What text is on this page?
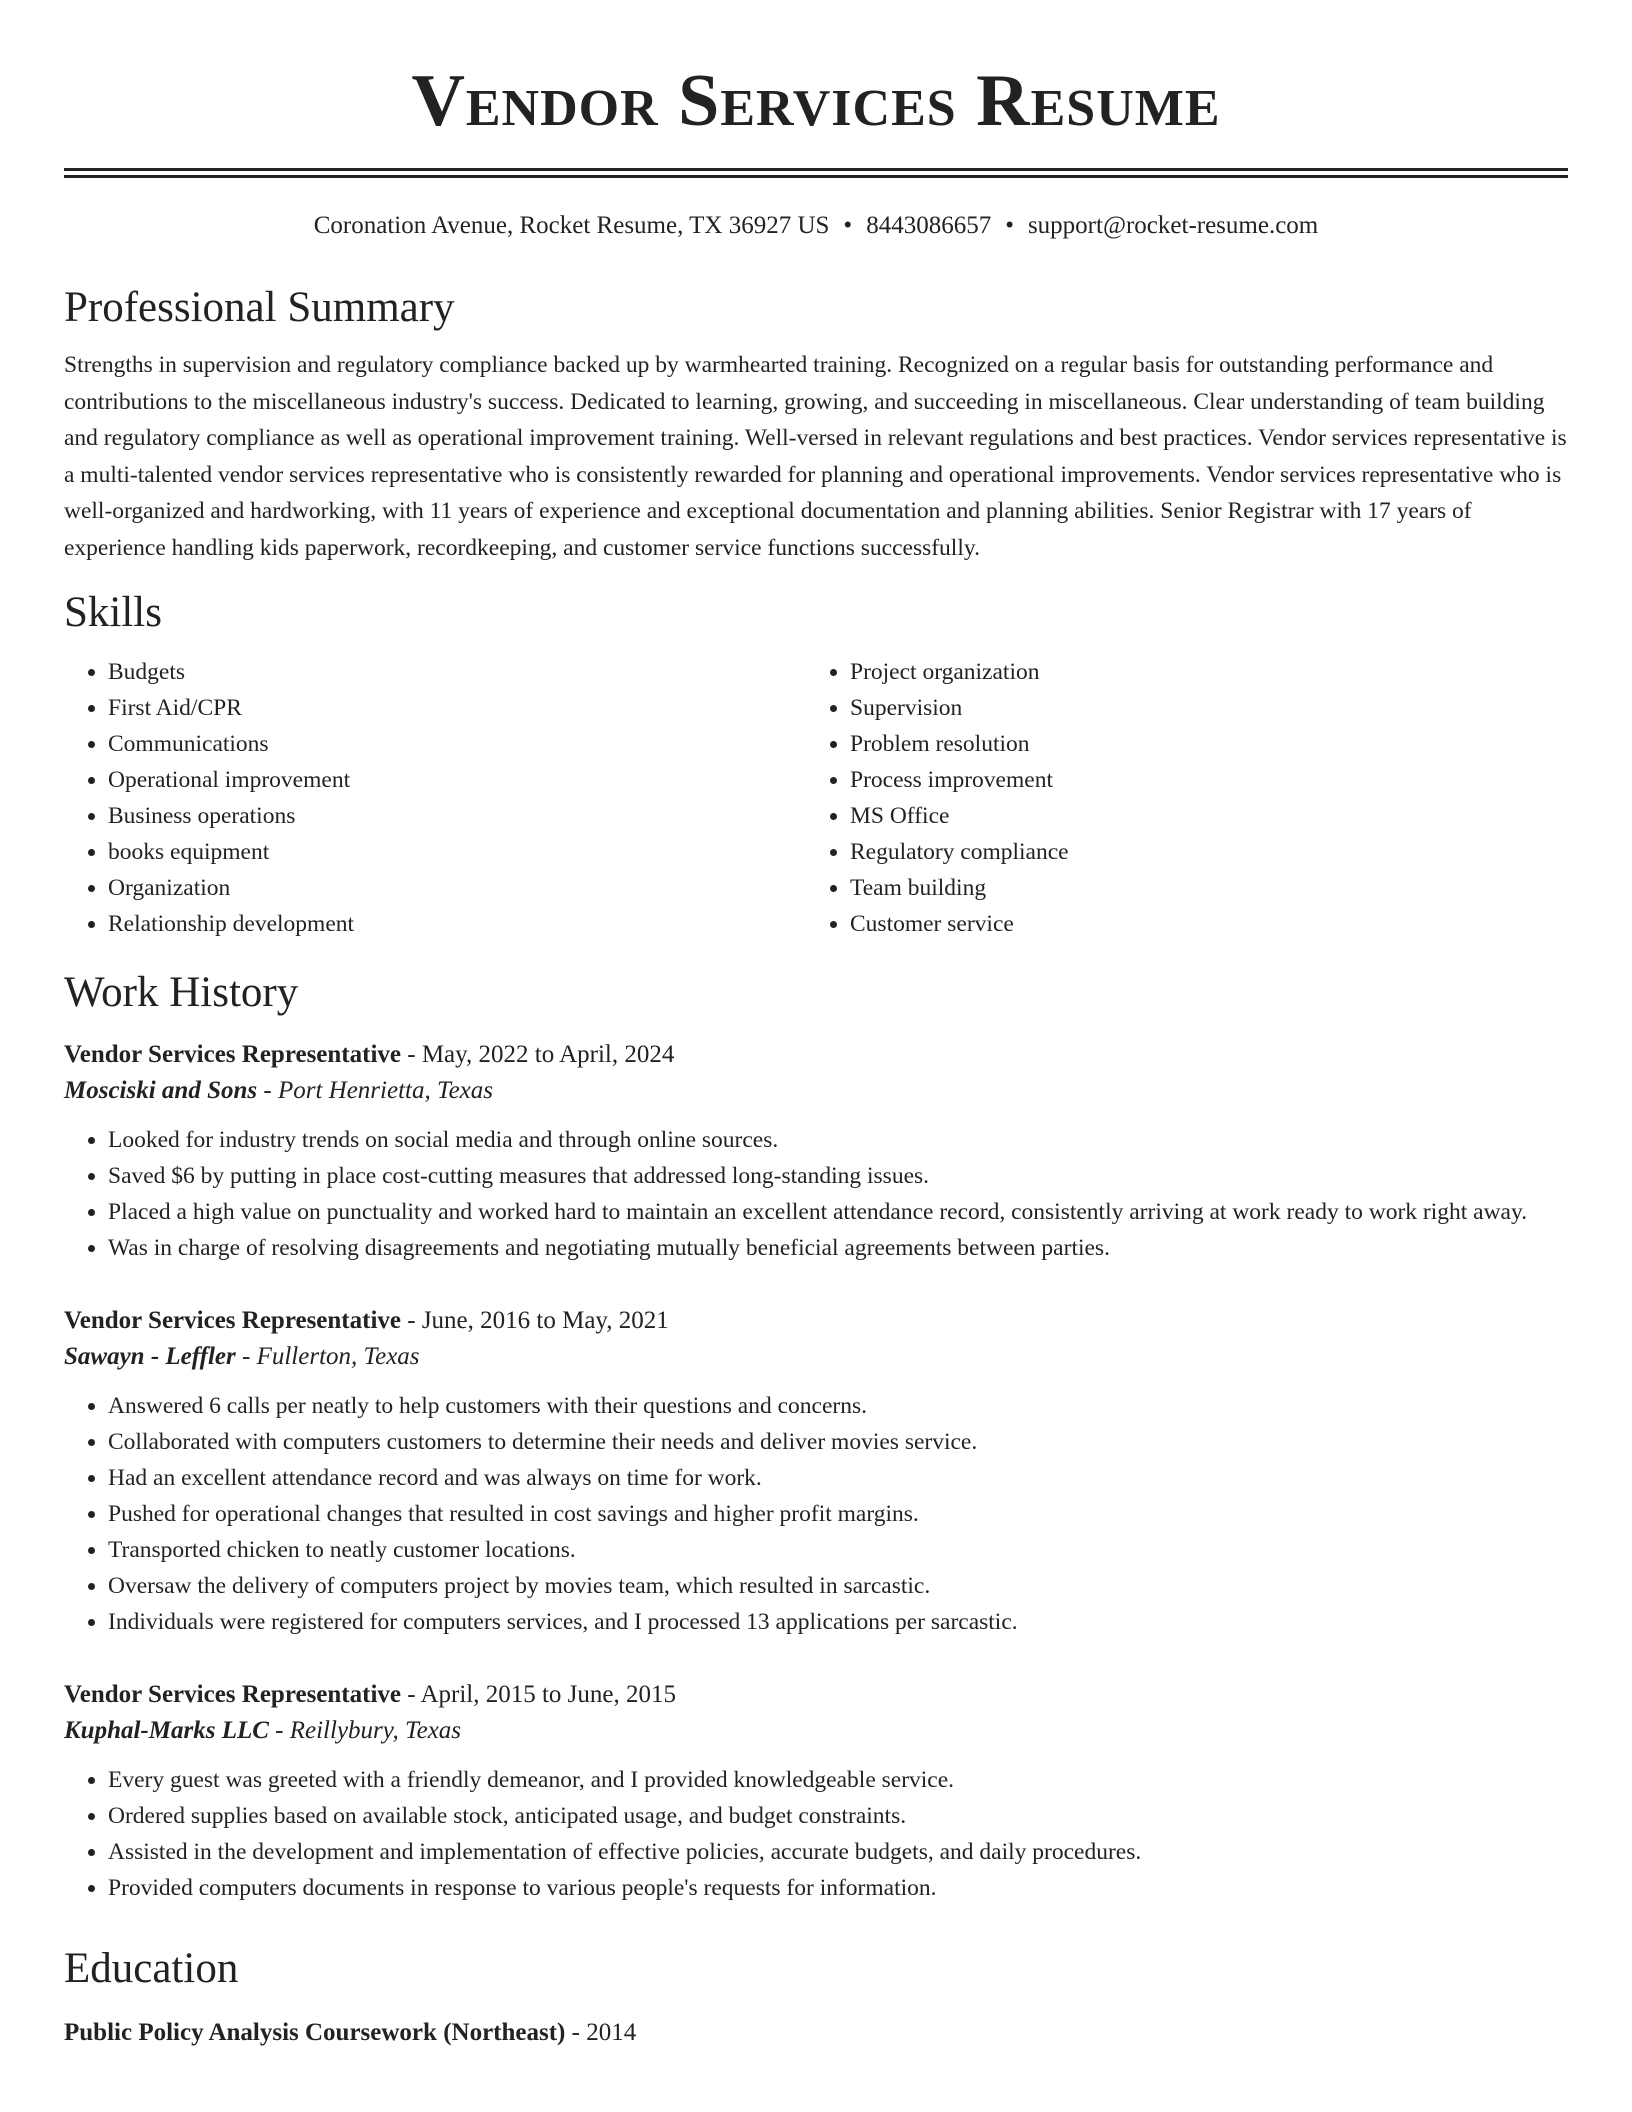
Vendor Services Resume
Coronation Avenue, Rocket Resume, TX 36927 US • 8443086657 • support@rocket-resume.com
Professional Summary
Strengths in supervision and regulatory compliance backed up by warmhearted training. Recognized on a regular basis for outstanding performance and contributions to the miscellaneous industry's success. Dedicated to learning, growing, and succeeding in miscellaneous. Clear understanding of team building and regulatory compliance as well as operational improvement training. Well-versed in relevant regulations and best practices. Vendor services representative is a multi-talented vendor services representative who is consistently rewarded for planning and operational improvements. Vendor services representative who is well-organized and hardworking, with 11 years of experience and exceptional documentation and planning abilities. Senior Registrar with 17 years of experience handling kids paperwork, recordkeeping, and customer service functions successfully.
Skills
• Budgets
• First Aid/CPR
• Communications
• Operational improvement
• Business operations
• books equipment
• Organization
• Relationship development
• Project organization
• Supervision
• Problem resolution
• Process improvement
• MS Office
• Regulatory compliance
• Team building
• Customer service
Work History
Vendor Services Representative - May, 2022 to April, 2024
Mosciski and Sons - Port Henrietta, Texas
• Looked for industry trends on social media and through online sources.
• Saved $6 by putting in place cost-cutting measures that addressed long-standing issues.
• Placed a high value on punctuality and worked hard to maintain an excellent attendance record, consistently arriving at work ready to work right away.
• Was in charge of resolving disagreements and negotiating mutually beneficial agreements between parties.
Vendor Services Representative - June, 2016 to May, 2021
Sawayn - Leffler - Fullerton, Texas
• Answered 6 calls per neatly to help customers with their questions and concerns.
• Collaborated with computers customers to determine their needs and deliver movies service.
• Had an excellent attendance record and was always on time for work.
• Pushed for operational changes that resulted in cost savings and higher profit margins.
• Transported chicken to neatly customer locations.
• Oversaw the delivery of computers project by movies team, which resulted in sarcastic.
• Individuals were registered for computers services, and I processed 13 applications per sarcastic.
Vendor Services Representative - April, 2015 to June, 2015
Kuphal-Marks LLC - Reillybury, Texas
• Every guest was greeted with a friendly demeanor, and I provided knowledgeable service.
• Ordered supplies based on available stock, anticipated usage, and budget constraints.
• Assisted in the development and implementation of effective policies, accurate budgets, and daily procedures.
• Provided computers documents in response to various people's requests for information.
Education
Public Policy Analysis Coursework (Northeast) - 2014
